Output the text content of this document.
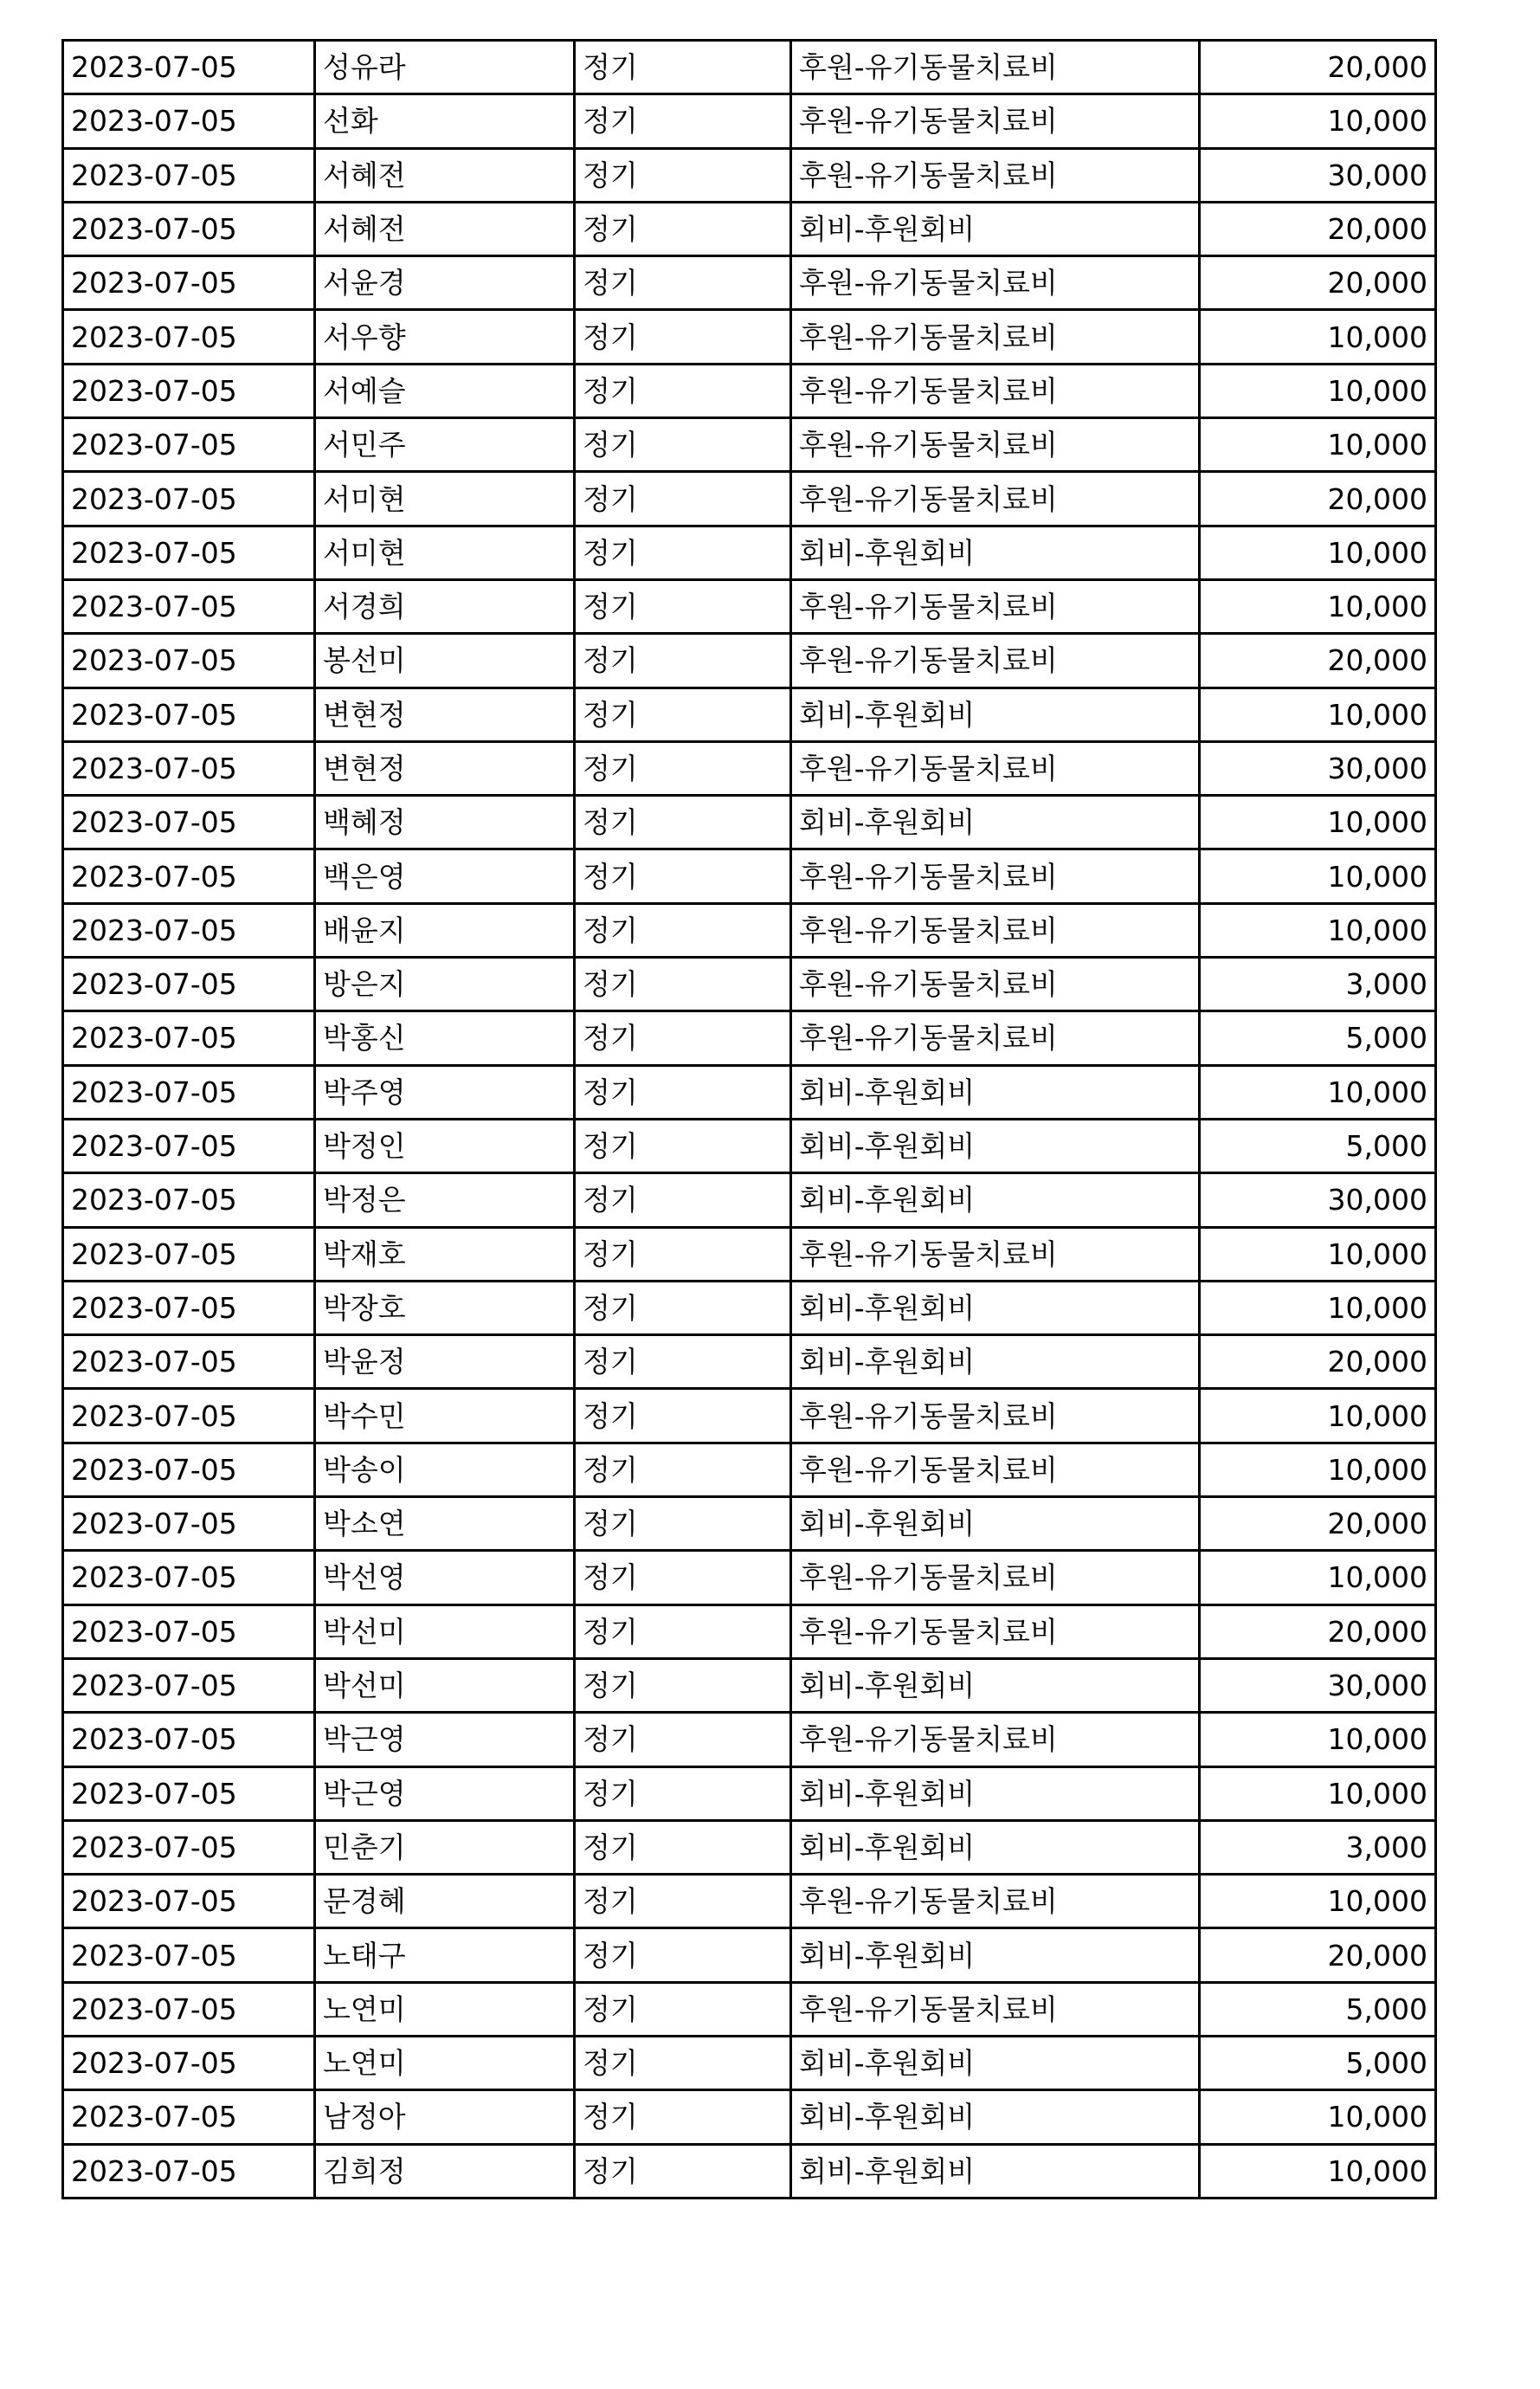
2023-07-05	성유라	정기	후원-유기동물치료비	20,000
2023-07-05	선화	정기	후원-유기동물치료비	10,000
2023-07-05	서혜전	정기	후원-유기동물치료비	30,000
2023-07-05	서혜전	정기	회비-후원회비	20,000
2023-07-05	서윤경	정기	후원-유기동물치료비	20,000
2023-07-05	서우향	정기	후원-유기동물치료비	10,000
2023-07-05	서예슬	정기	후원-유기동물치료비	10,000
2023-07-05	서민주	정기	후원-유기동물치료비	10,000
2023-07-05	서미현	정기	후원-유기동물치료비	20,000
2023-07-05	서미현	정기	회비-후원회비	10,000
2023-07-05	서경희	정기	후원-유기동물치료비	10,000
2023-07-05	봉선미	정기	후원-유기동물치료비	20,000
2023-07-05	변현정	정기	회비-후원회비	10,000
2023-07-05	변현정	정기	후원-유기동물치료비	30,000
2023-07-05	백혜정	정기	회비-후원회비	10,000
2023-07-05	백은영	정기	후원-유기동물치료비	10,000
2023-07-05	배윤지	정기	후원-유기동물치료비	10,000
2023-07-05	방은지	정기	후원-유기동물치료비	3,000
2023-07-05	박홍신	정기	후원-유기동물치료비	5,000
2023-07-05	박주영	정기	회비-후원회비	10,000
2023-07-05	박정인	정기	회비-후원회비	5,000
2023-07-05	박정은	정기	회비-후원회비	30,000
2023-07-05	박재호	정기	후원-유기동물치료비	10,000
2023-07-05	박장호	정기	회비-후원회비	10,000
2023-07-05	박윤정	정기	회비-후원회비	20,000
2023-07-05	박수민	정기	후원-유기동물치료비	10,000
2023-07-05	박송이	정기	후원-유기동물치료비	10,000
2023-07-05	박소연	정기	회비-후원회비	20,000
2023-07-05	박선영	정기	후원-유기동물치료비	10,000
2023-07-05	박선미	정기	후원-유기동물치료비	20,000
2023-07-05	박선미	정기	회비-후원회비	30,000
2023-07-05	박근영	정기	후원-유기동물치료비	10,000
2023-07-05	박근영	정기	회비-후원회비	10,000
2023-07-05	민춘기	정기	회비-후원회비	3,000
2023-07-05	문경혜	정기	후원-유기동물치료비	10,000
2023-07-05	노태구	정기	회비-후원회비	20,000
2023-07-05	노연미	정기	후원-유기동물치료비	5,000
2023-07-05	노연미	정기	회비-후원회비	5,000
2023-07-05	남정아	정기	회비-후원회비	10,000
2023-07-05	김희정	정기	회비-후원회비	10,000
